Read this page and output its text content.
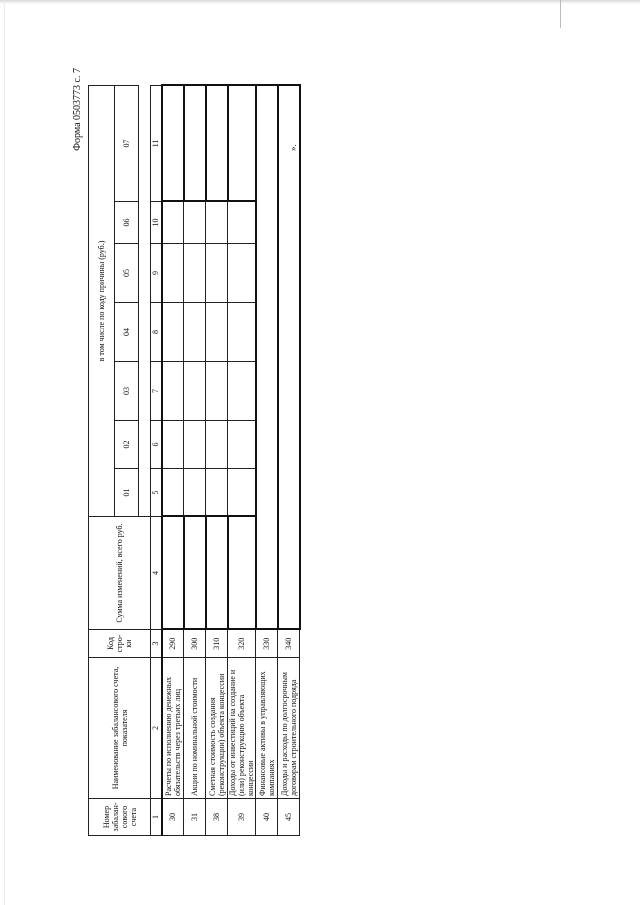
Форма 0503773 с. 7	».
Номер забалан-сового счета	Наименование забалансового счета, показателя	Код стро-ки	Сумма изменений, всего руб.	в том числе по коду причины (руб.)						
				01	02	03	04	05	06	07

1	2	3	4	5	6	7	8	9	10	11
30	Расчеты по исполнению денежных обязательств через третьих лиц	290								
31	Акции по номинальной стоимости	300								
38	Сметная стоимость создания (реконструкции) объекта концессии	310								
39	Доходы от инвестиций на создание и (или) реконструкцию объекта концессии	320								
40	Финансовые активы в управляющих компаниях	330								
45	Доходы и расходы по долгосрочным договорам строительного подряда	340								
